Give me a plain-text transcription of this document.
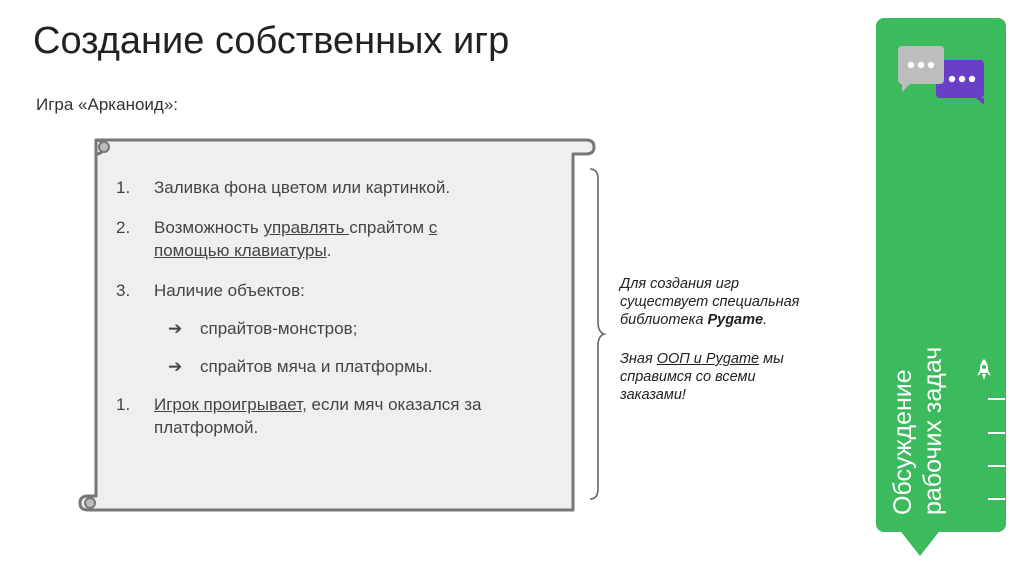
Создание собственных игр
Игра «Арканоид»:
1.	Заливка фона цветом или картинкой.
2.	Возможность управлять спрайтом с
помощью клавиатуры.
3.	Наличие объектов:
➔	спрайтов-монстров;
➔	спрайтов мяча и платформы.
1.	Игрок проигрывает, если мяч оказался за
платформой.
Для создания игр
существует специальная
библиотека Pygame.
Зная ООП и Pygame мы
справимся со всеми
заказами!	Обсуждение
рабочих задач
